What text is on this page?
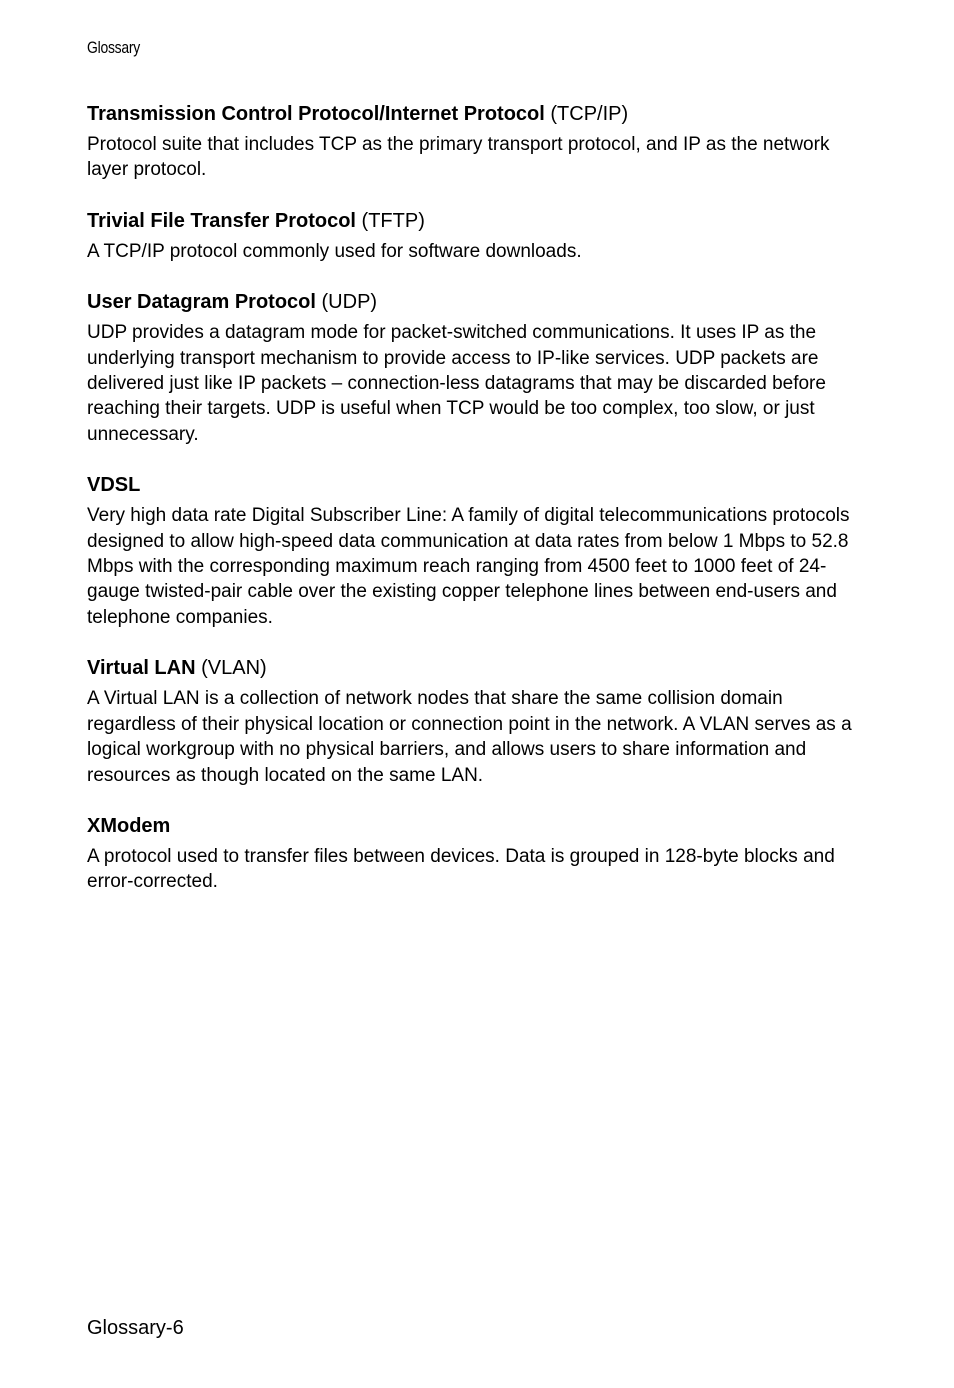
Glossary
Transmission Control Protocol/Internet Protocol (TCP/IP)

Protocol suite that includes TCP as the primary transport protocol, and IP as the network layer protocol.

Trivial File Transfer Protocol (TFTP)

A TCP/IP protocol commonly used for software downloads.

User Datagram Protocol (UDP)

UDP provides a datagram mode for packet-switched communications. It uses IP as the underlying transport mechanism to provide access to IP-like services. UDP packets are delivered just like IP packets – connection-less datagrams that may be discarded before reaching their targets. UDP is useful when TCP would be too complex, too slow, or just unnecessary.

VDSL

Very high data rate Digital Subscriber Line: A family of digital telecommunications protocols designed to allow high-speed data communication at data rates from below 1 Mbps to 52.8 Mbps with the corresponding maximum reach ranging from 4500 feet to 1000 feet of 24-gauge twisted-pair cable over the existing copper telephone lines between end-users and telephone companies.

Virtual LAN (VLAN)

A Virtual LAN is a collection of network nodes that share the same collision domain regardless of their physical location or connection point in the network. A VLAN serves as a logical workgroup with no physical barriers, and allows users to share information and resources as though located on the same LAN.

XModem

A protocol used to transfer files between devices. Data is grouped in 128-byte blocks and error-corrected.

Glossary-6
